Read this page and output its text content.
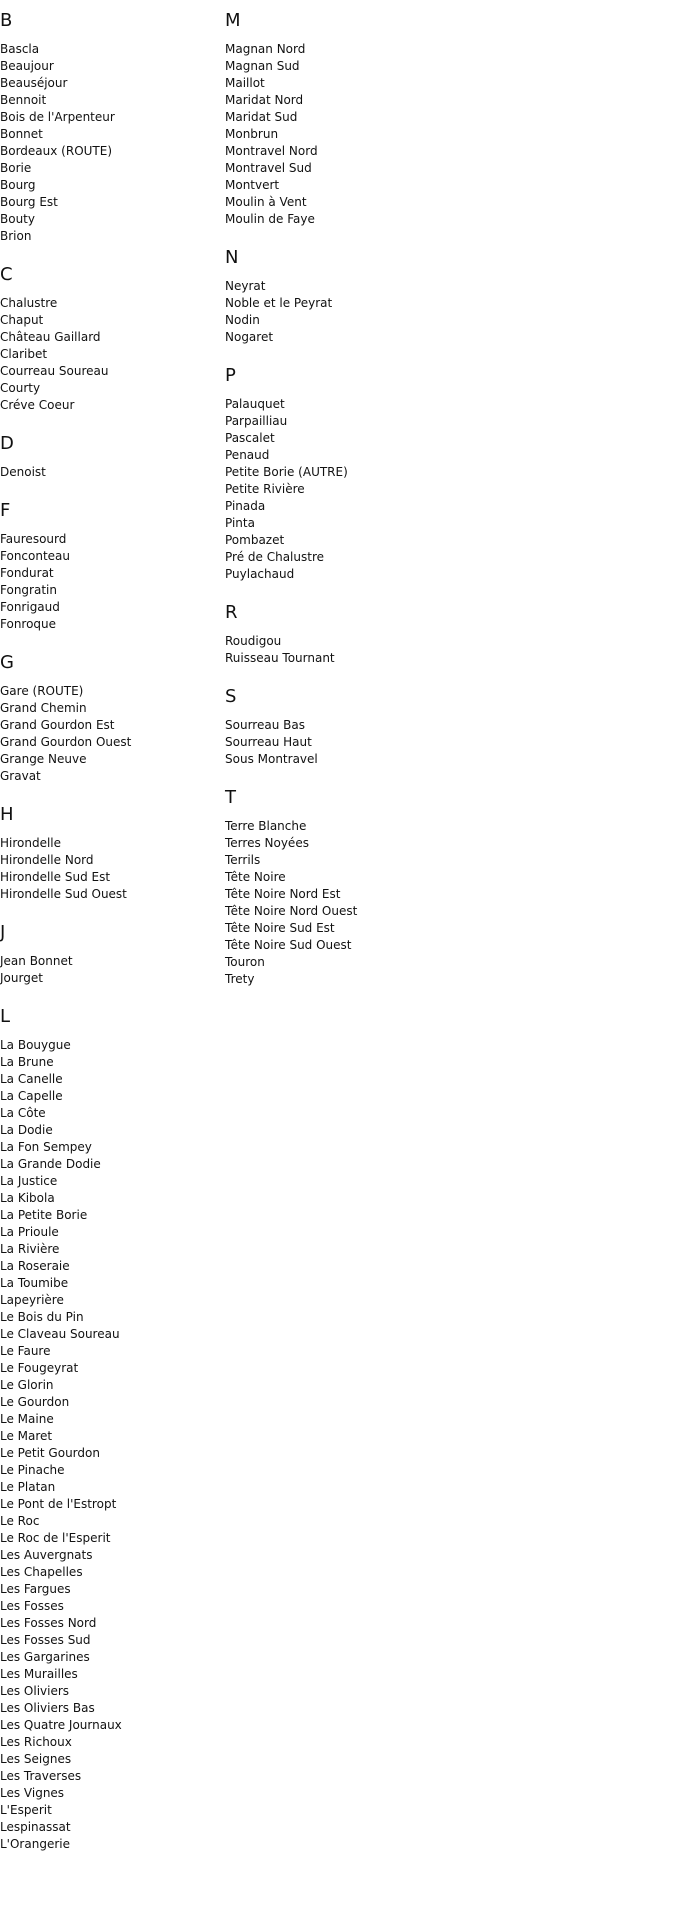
B
Bascla
Beaujour
Beauséjour
Bennoit
Bois de l'Arpenteur
Bonnet
Bordeaux (ROUTE)
Borie
Bourg
Bourg Est
Bouty
Brion
C
Chalustre
Chaput
Château Gaillard
Claribet
Courreau Soureau
Courty
Créve Coeur
D
Denoist
F
Fauresourd
Fonconteau
Fondurat
Fongratin
Fonrigaud
Fonroque
G
Gare (ROUTE)
Grand Chemin
Grand Gourdon Est
Grand Gourdon Ouest
Grange Neuve
Gravat
H
Hirondelle
Hirondelle Nord
Hirondelle Sud Est
Hirondelle Sud Ouest
J
Jean Bonnet
Jourget
L
La Bouygue
La Brune
La Canelle
La Capelle
La Côte
La Dodie
La Fon Sempey
La Grande Dodie
La Justice
La Kibola
La Petite Borie
La Prioule
La Rivière
La Roseraie
La Toumibe
Lapeyrière
Le Bois du Pin
Le Claveau Soureau
Le Faure
Le Fougeyrat
Le Glorin
Le Gourdon
Le Maine
Le Maret
Le Petit Gourdon
Le Pinache
Le Platan
Le Pont de l'Estropt
Le Roc
Le Roc de l'Esperit
Les Auvergnats
Les Chapelles
Les Fargues
Les Fosses
Les Fosses Nord
Les Fosses Sud
Les Gargarines
Les Murailles
Les Oliviers
Les Oliviers Bas
Les Quatre Journaux
Les Richoux
Les Seignes
Les Traverses
Les Vignes
L'Esperit
Lespinassat
L'Orangerie
M
Magnan Nord
Magnan Sud
Maillot
Maridat Nord
Maridat Sud
Monbrun
Montravel Nord
Montravel Sud
Montvert
Moulin à Vent
Moulin de Faye
N
Neyrat
Noble et le Peyrat
Nodin
Nogaret
P
Palauquet
Parpailliau
Pascalet
Penaud
Petite Borie (AUTRE)
Petite Rivière
Pinada
Pinta
Pombazet
Pré de Chalustre
Puylachaud
R
Roudigou
Ruisseau Tournant
S
Sourreau Bas
Sourreau Haut
Sous Montravel
T
Terre Blanche
Terres Noyées
Terrils
Tête Noire
Tête Noire Nord Est
Tête Noire Nord Ouest
Tête Noire Sud Est
Tête Noire Sud Ouest
Touron
Trety
